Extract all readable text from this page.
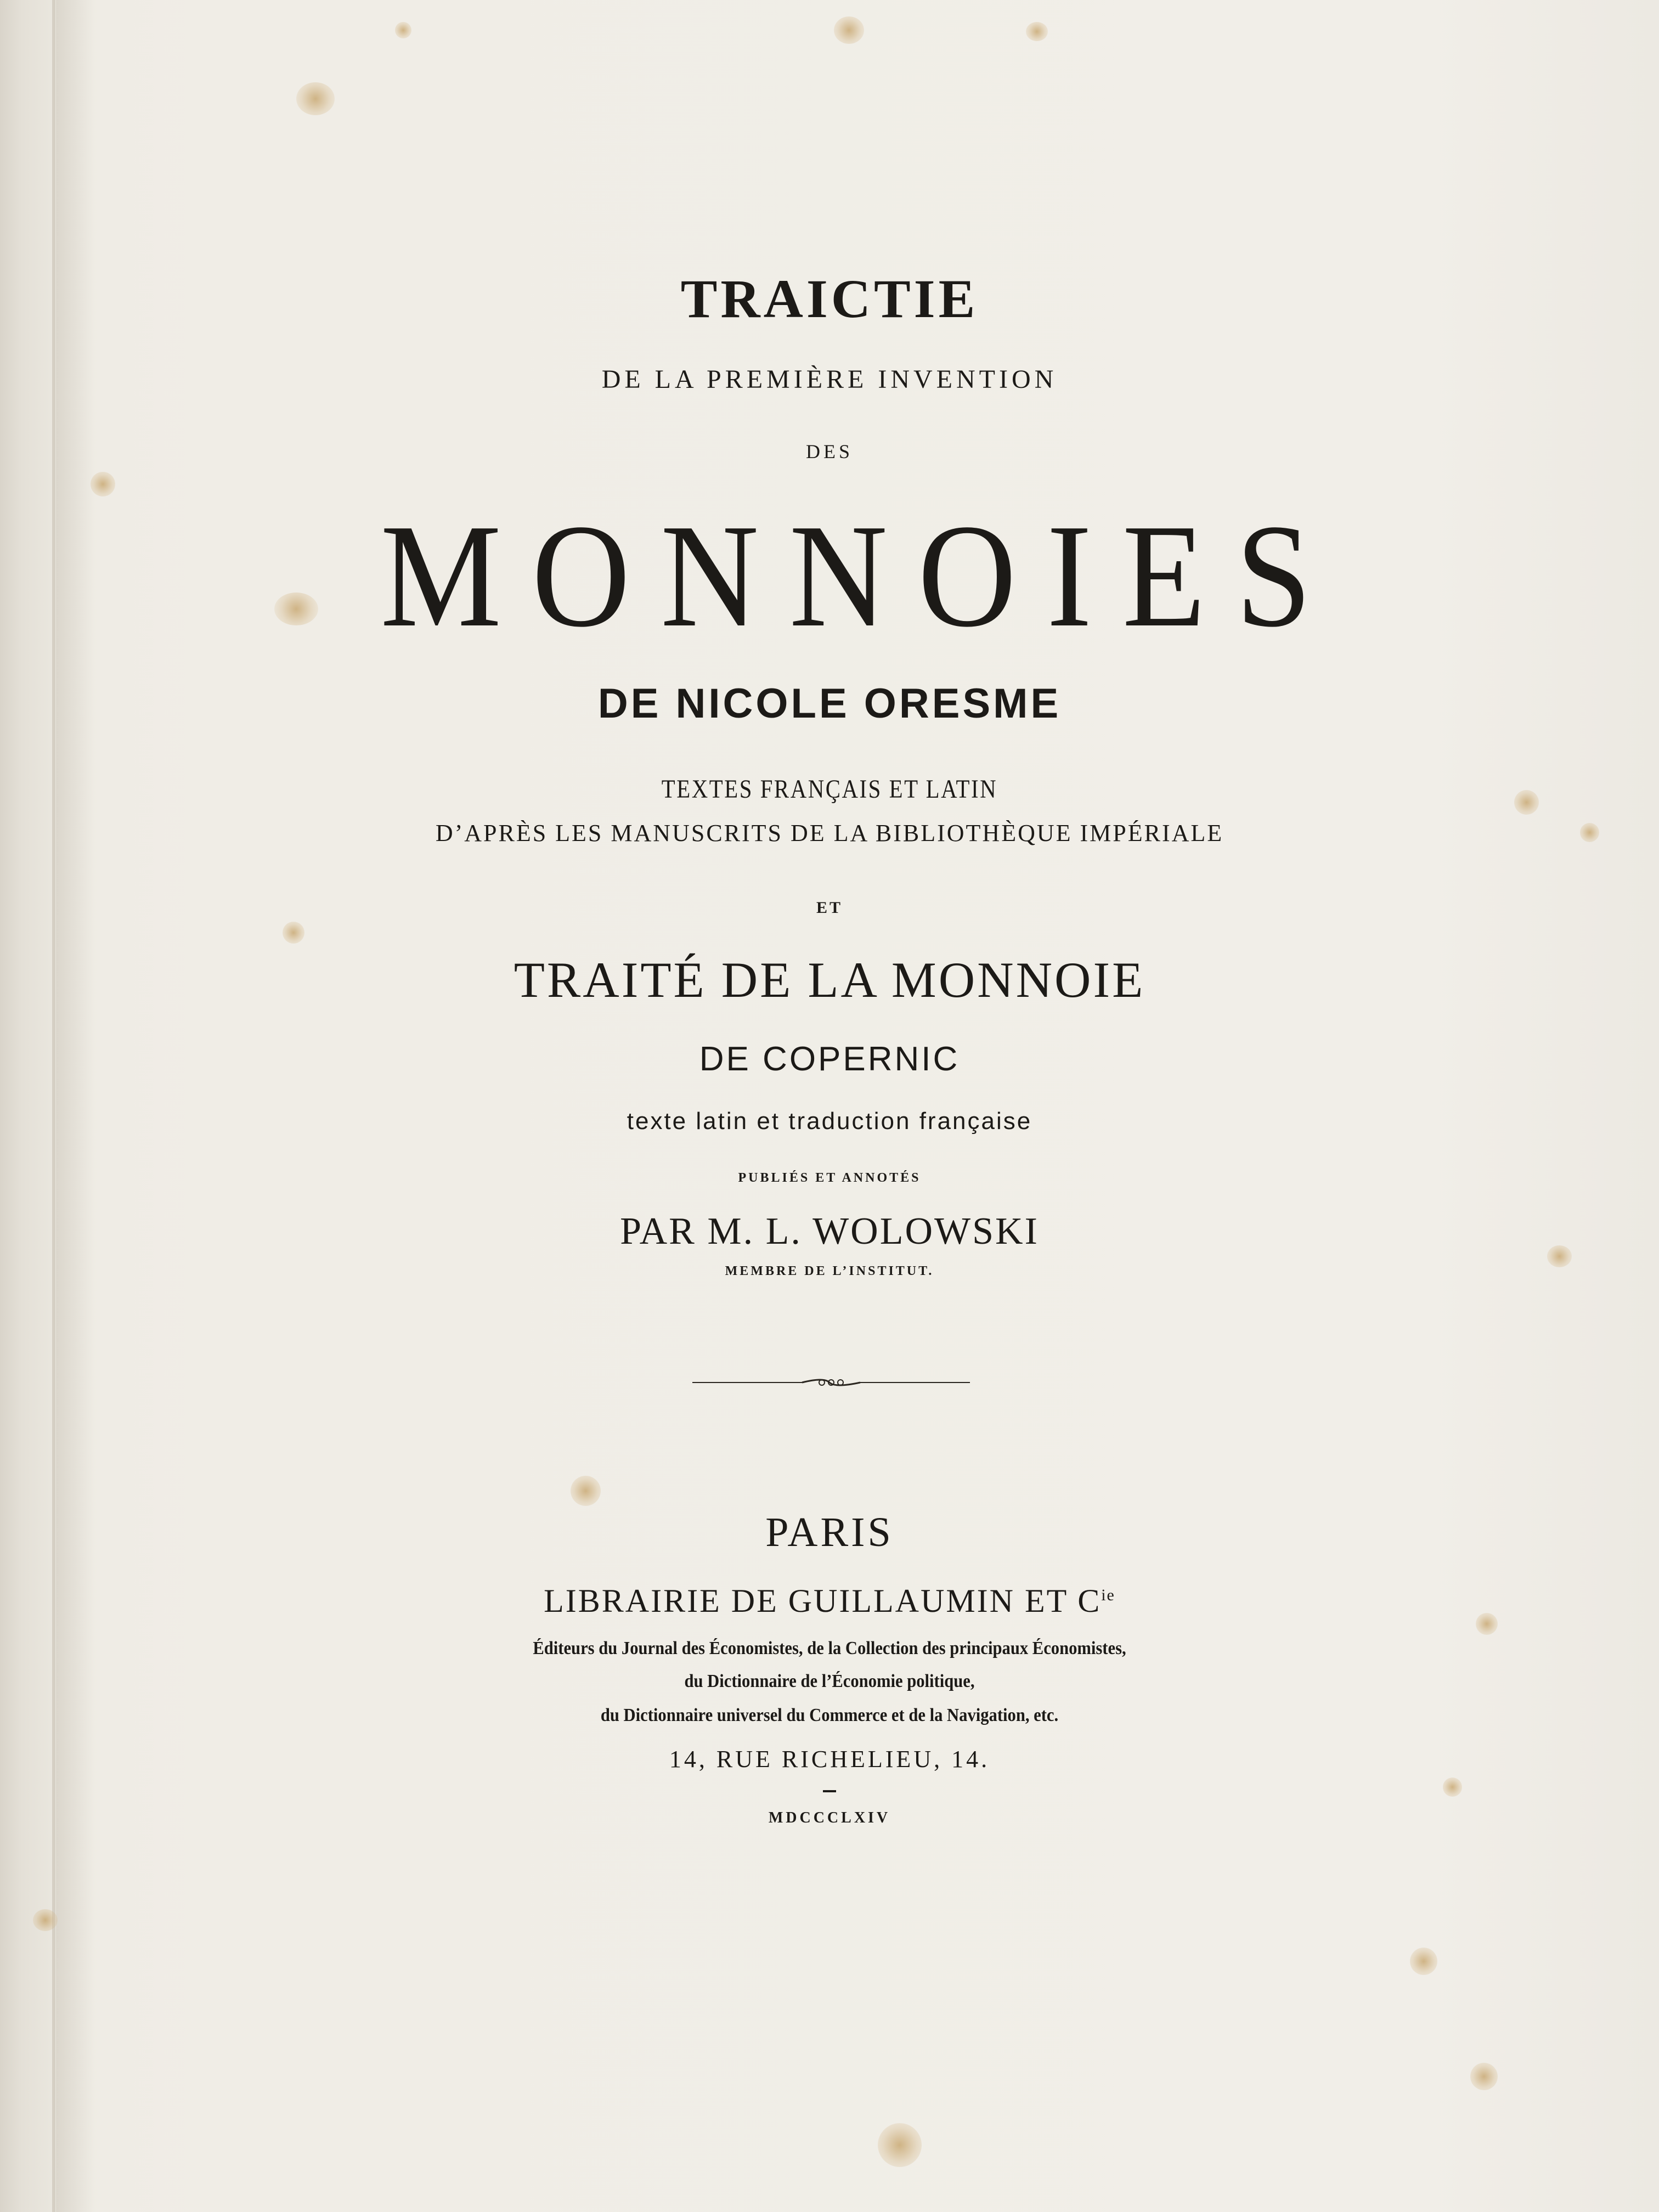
TRAICTIE
DE LA PREMIÈRE INVENTION
DES
MONNOIES
DE NICOLE ORESME
TEXTES FRANÇAIS ET LATIN
D’APRÈS LES MANUSCRITS DE LA BIBLIOTHÈQUE IMPÉRIALE
ET
TRAITÉ DE LA MONNOIE
DE COPERNIC
texte latin et traduction française
PUBLIÉS ET ANNOTÉS
PAR M. L. WOLOWSKI
MEMBRE DE L’INSTITUT.
PARIS
LIBRAIRIE DE GUILLAUMIN ET $C^{ie}$
Éditeurs du Journal des Économistes, de la Collection des principaux Économistes,
du Dictionnaire de l’Économie politique,
du Dictionnaire universel du Commerce et de la Navigation, etc.
14, RUE RICHELIEU, 14.
MDCCCLXIV
